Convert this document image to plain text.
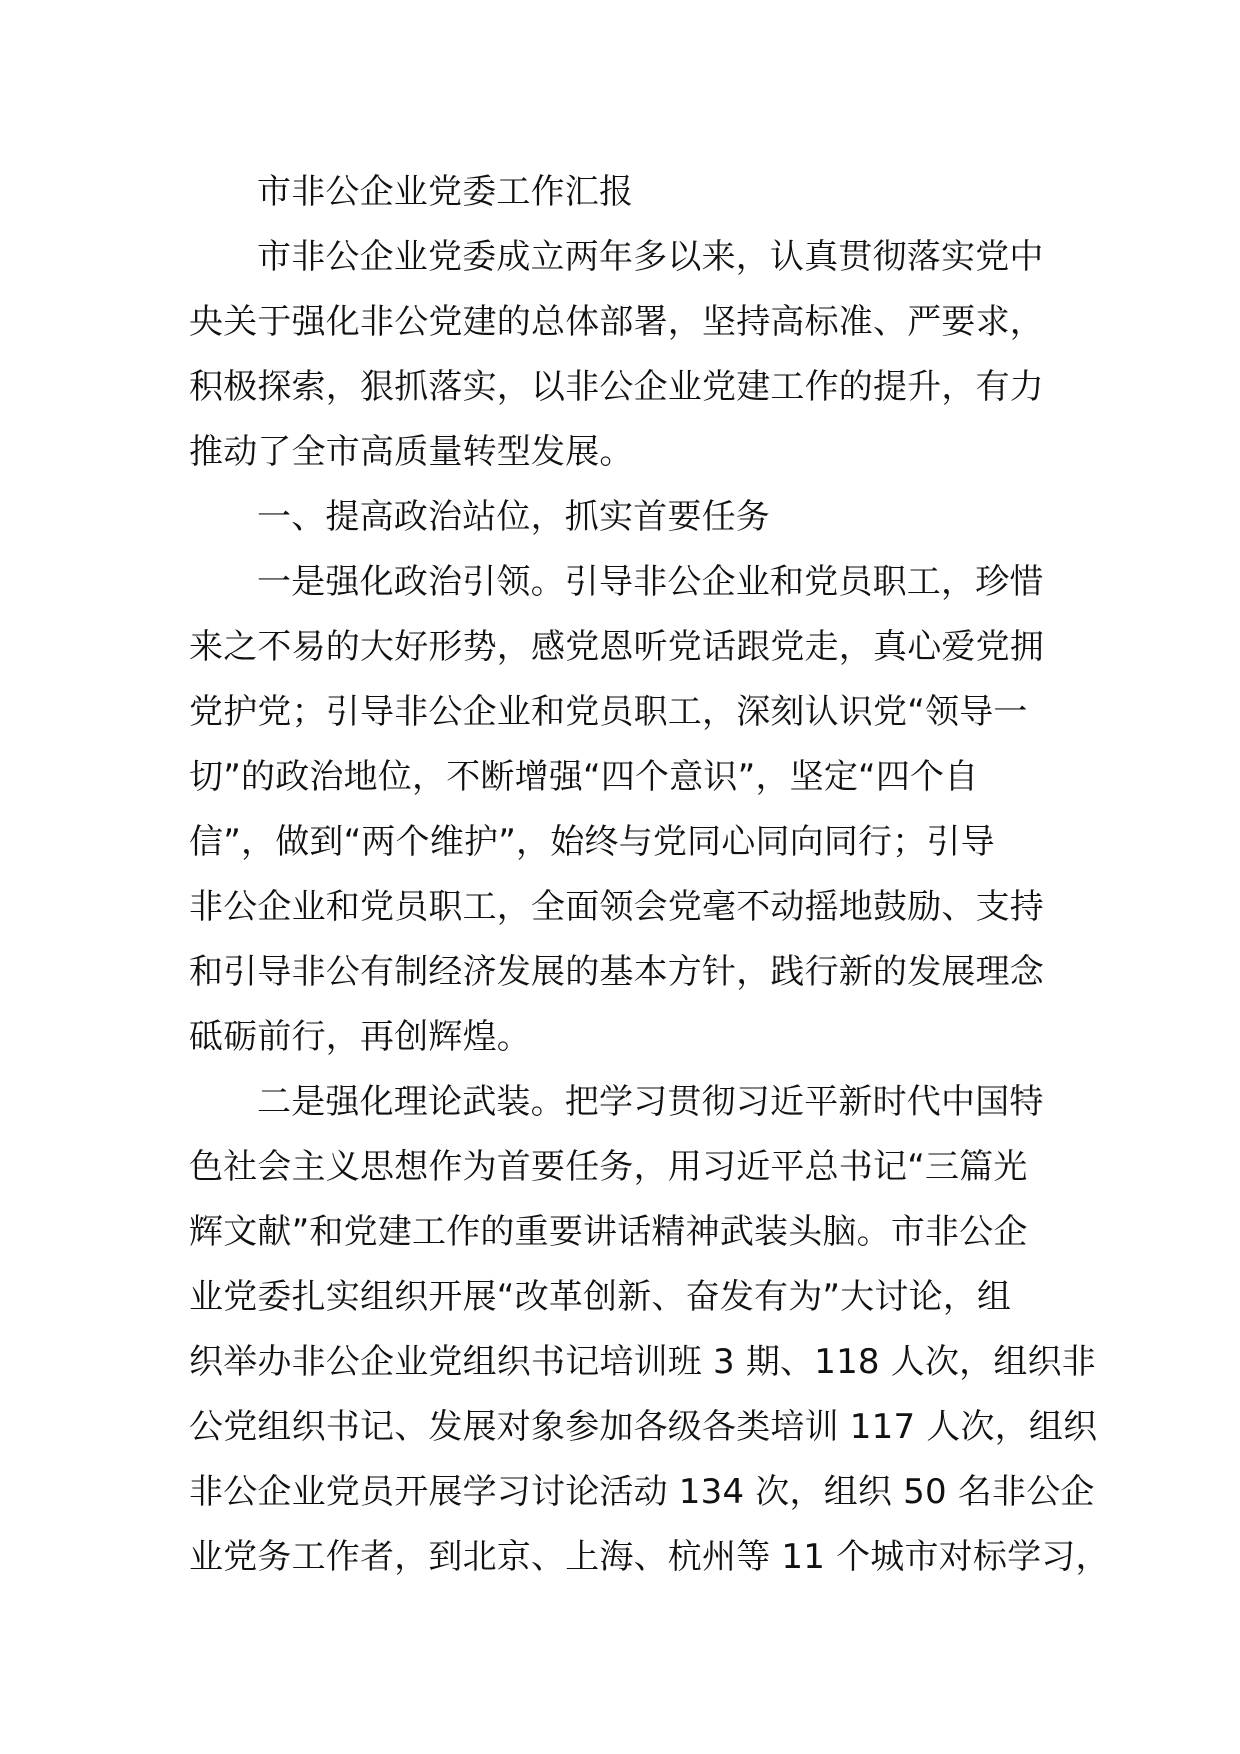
市非公企业党委工作汇报
市非公企业党委成立两年多以来，认真贯彻落实党中
央关于强化非公党建的总体部署，坚持高标准、严要求，
积极探索，狠抓落实，以非公企业党建工作的提升，有力
推动了全市高质量转型发展。
一、提高政治站位，抓实首要任务
一是强化政治引领。引导非公企业和党员职工，珍惜
来之不易的大好形势，感党恩听党话跟党走，真心爱党拥
党护党；引导非公企业和党员职工，深刻认识党“领导一
切”的政治地位，不断增强“四个意识”，坚定“四个自
信”，做到“两个维护”，始终与党同心同向同行；引导
非公企业和党员职工，全面领会党毫不动摇地鼓励、支持
和引导非公有制经济发展的基本方针，践行新的发展理念
砥砺前行，再创辉煌。
二是强化理论武装。把学习贯彻习近平新时代中国特
色社会主义思想作为首要任务，用习近平总书记“三篇光
辉文献”和党建工作的重要讲话精神武装头脑。市非公企
业党委扎实组织开展“改革创新、奋发有为”大讨论，组
织举办非公企业党组织书记培训班 3 期、118 人次，组织非
公党组织书记、发展对象参加各级各类培训 117 人次，组织
非公企业党员开展学习讨论活动 134 次，组织 50 名非公企
业党务工作者，到北京、上海、杭州等 11 个城市对标学习，
